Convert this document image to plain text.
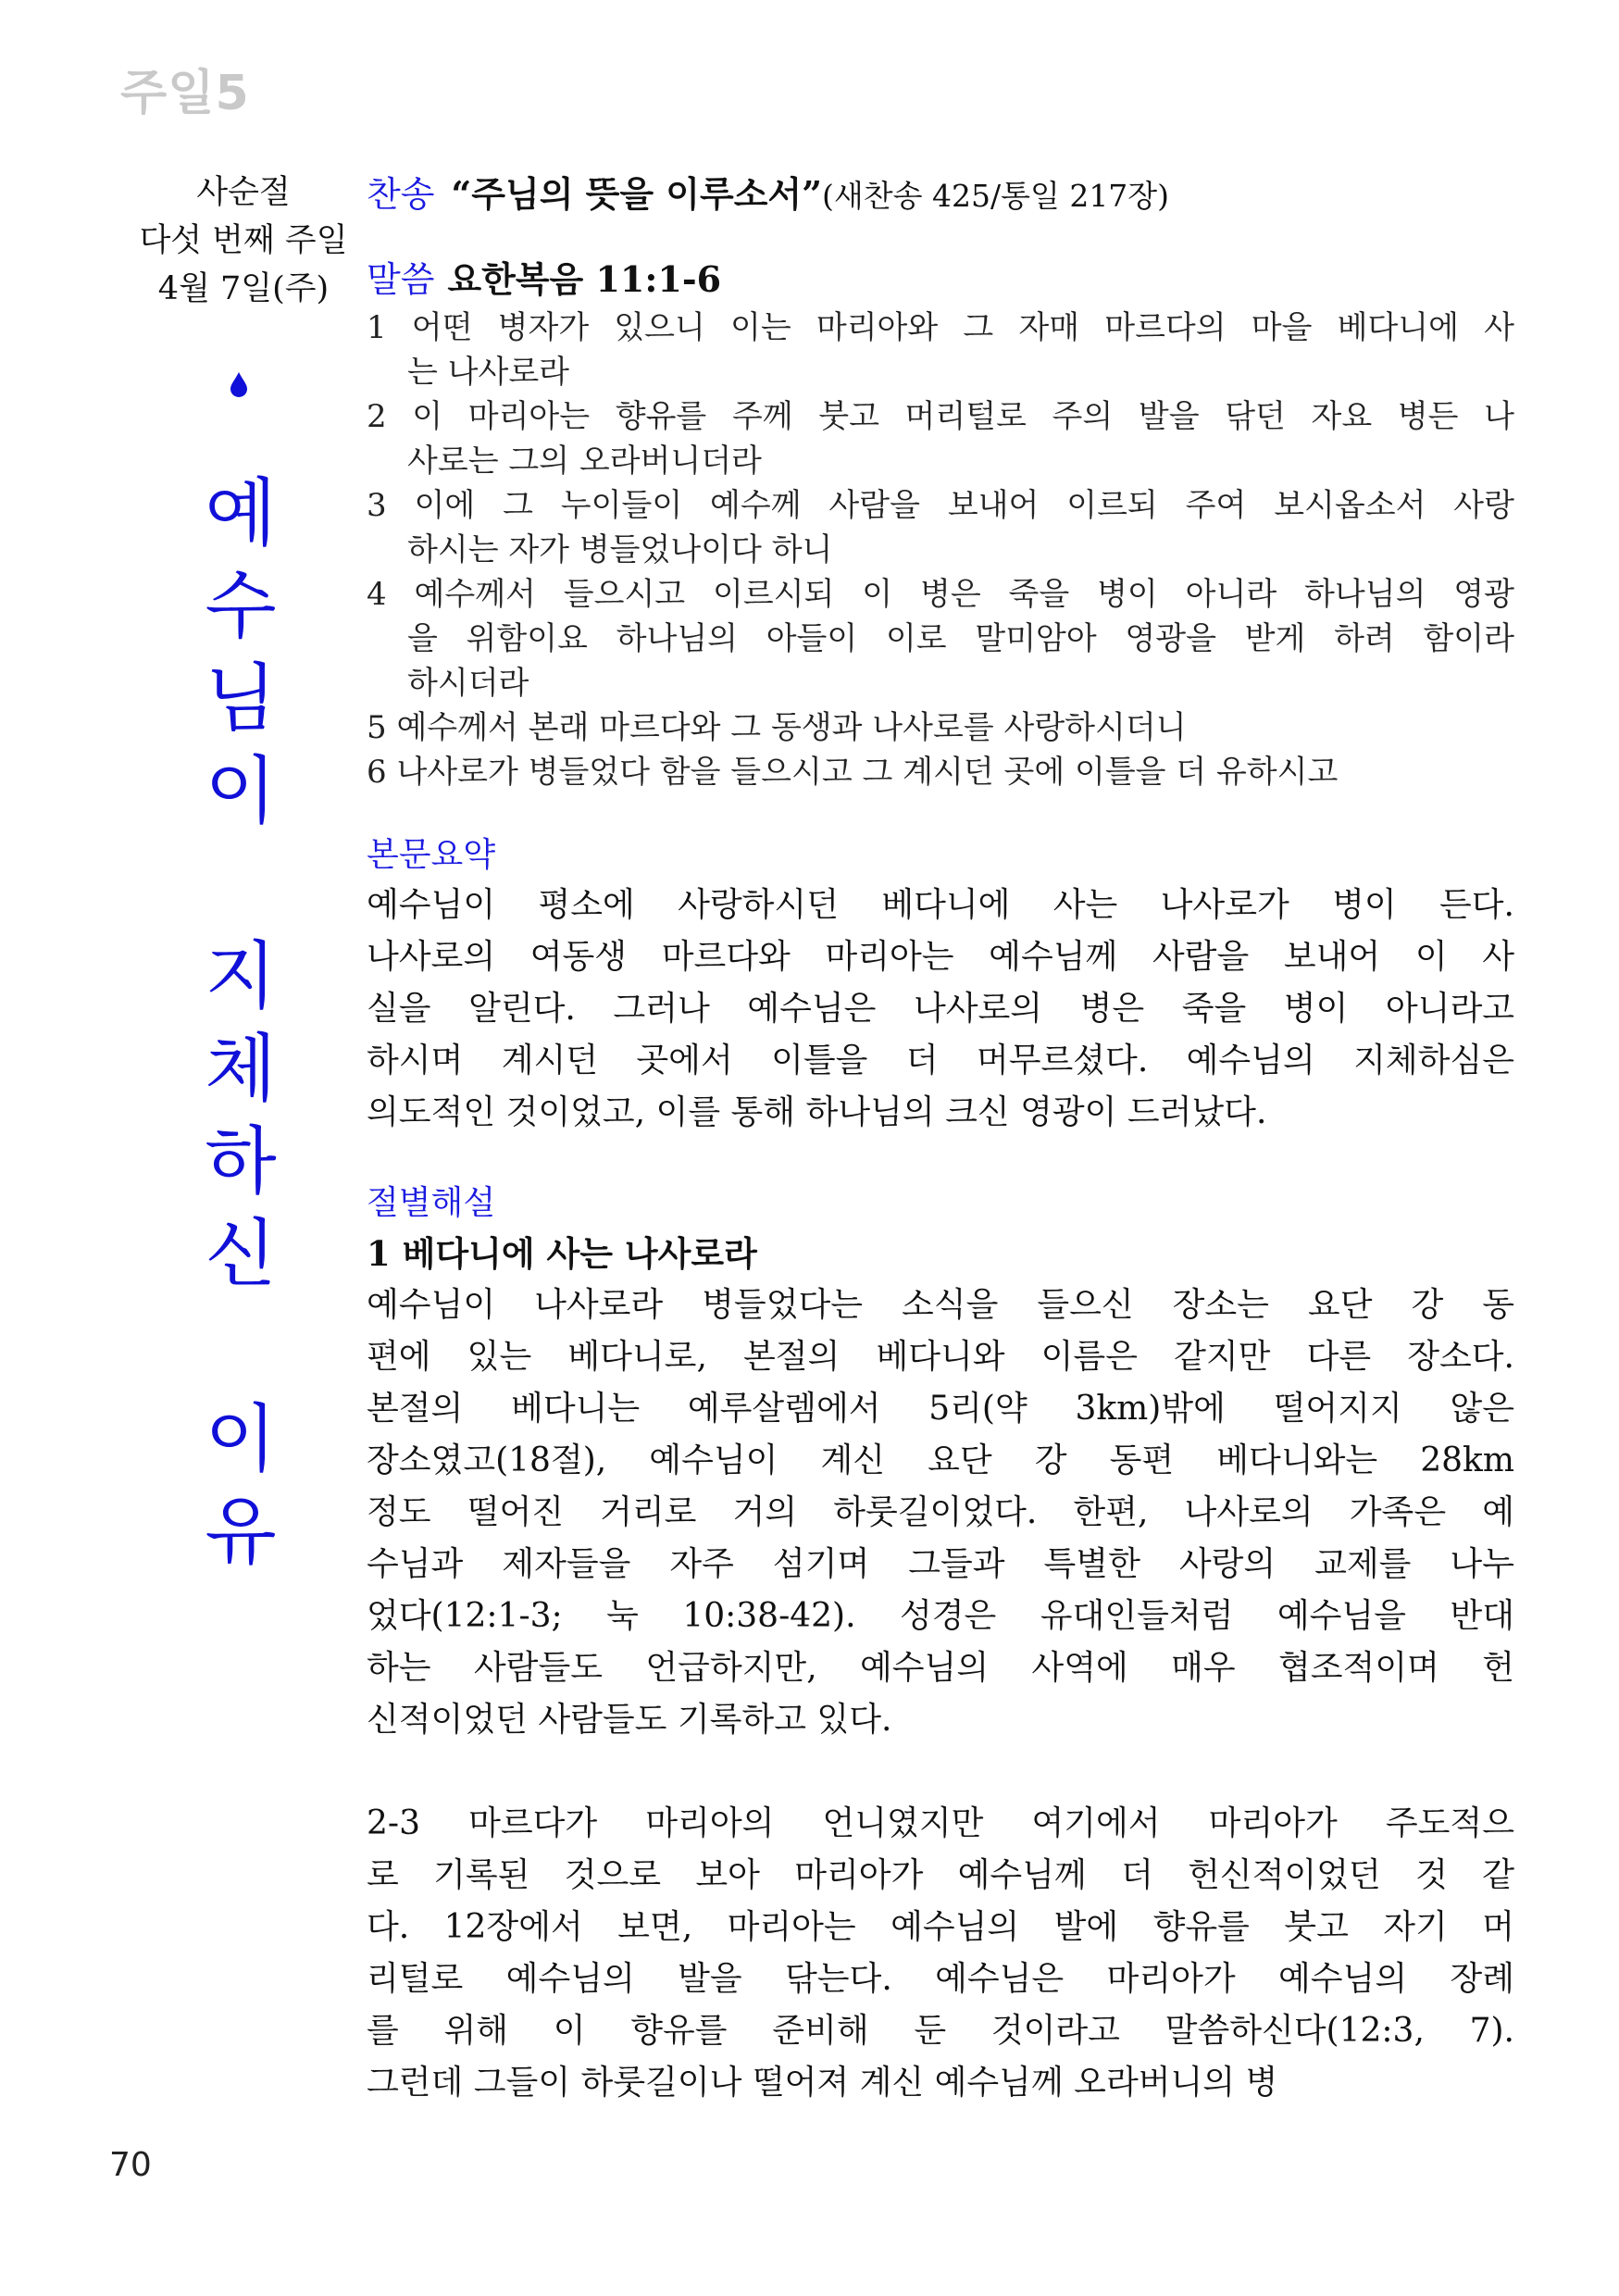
주일5
사순절
다섯 번째 주일
4월 7일(주)
예
수
님
이
지
체
하
신
이
유
찬송 “주님의 뜻을 이루소서”(새찬송 425/통일 217장)
말씀 요한복음 11:1-6
1 어떤 병자가 있으니 이는 마리아와 그 자매 마르다의 마을 베다니에 사
는 나사로라
2 이 마리아는 향유를 주께 붓고 머리털로 주의 발을 닦던 자요 병든 나
사로는 그의 오라버니더라
3 이에 그 누이들이 예수께 사람을 보내어 이르되 주여 보시옵소서 사랑
하시는 자가 병들었나이다 하니
4 예수께서 들으시고 이르시되 이 병은 죽을 병이 아니라 하나님의 영광
을 위함이요 하나님의 아들이 이로 말미암아 영광을 받게 하려 함이라
하시더라
5 예수께서 본래 마르다와 그 동생과 나사로를 사랑하시더니
6 나사로가 병들었다 함을 들으시고 그 계시던 곳에 이틀을 더 유하시고
본문요약
예수님이 평소에 사랑하시던 베다니에 사는 나사로가 병이 든다.
나사로의 여동생 마르다와 마리아는 예수님께 사람을 보내어 이 사
실을 알린다. 그러나 예수님은 나사로의 병은 죽을 병이 아니라고
하시며 계시던 곳에서 이틀을 더 머무르셨다. 예수님의 지체하심은
의도적인 것이었고, 이를 통해 하나님의 크신 영광이 드러났다.
절별해설
1 베다니에 사는 나사로라
예수님이 나사로라 병들었다는 소식을 들으신 장소는 요단 강 동
편에 있는 베다니로, 본절의 베다니와 이름은 같지만 다른 장소다.
본절의 베다니는 예루살렘에서 5리(약 3km)밖에 떨어지지 않은
장소였고(18절), 예수님이 계신 요단 강 동편 베다니와는 28km
정도 떨어진 거리로 거의 하룻길이었다. 한편, 나사로의 가족은 예
수님과 제자들을 자주 섬기며 그들과 특별한 사랑의 교제를 나누
었다(12:1-3; 눅 10:38-42). 성경은 유대인들처럼 예수님을 반대
하는 사람들도 언급하지만, 예수님의 사역에 매우 협조적이며 헌
신적이었던 사람들도 기록하고 있다.
2-3 마르다가 마리아의 언니였지만 여기에서 마리아가 주도적으
로 기록된 것으로 보아 마리아가 예수님께 더 헌신적이었던 것 같
다. 12장에서 보면, 마리아는 예수님의 발에 향유를 붓고 자기 머
리털로 예수님의 발을 닦는다. 예수님은 마리아가 예수님의 장례
를 위해 이 향유를 준비해 둔 것이라고 말씀하신다(12:3, 7).
그런데 그들이 하룻길이나 떨어져 계신 예수님께 오라버니의 병
70
